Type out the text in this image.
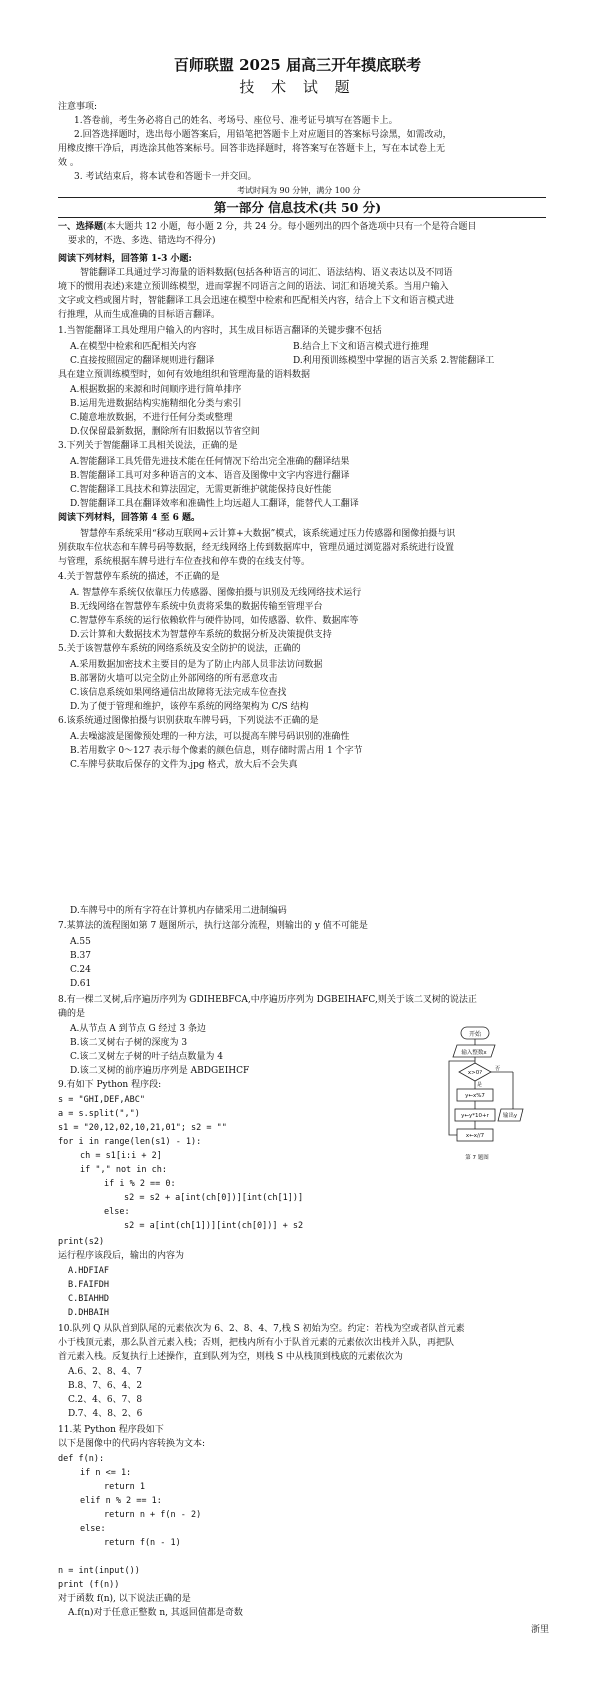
百师联盟 2025 届高三开年摸底联考
技 术 试 题
注意事项:
1.答卷前，考生务必将自己的姓名、考场号、座位号、准考证号填写在答题卡上。
2.回答选择题时，选出每小题答案后，用铅笔把答题卡上对应题目的答案标号涂黑，如需改动，
用橡皮擦干净后，再选涂其他答案标号。回答非选择题时，将答案写在答题卡上，写在本试卷上无
效 。
3. 考试结束后，将本试卷和答题卡一并交回。
考试时间为 90 分钟，满分 100 分
第一部分 信息技术(共 50 分)
一、选择题(本大题共 12 小题，每小题 2 分，共 24 分。每小题列出的四个备选项中只有一个是符合题目
要求的，不选、多选、错选均不得分)
阅读下列材料，回答第 1-3 小题:
智能翻译工具通过学习海量的语料数据(包括各种语言的词汇、语法结构、语义表达以及不同语
境下的惯用表述)来建立预训练模型，进而掌握不同语言之间的语法、词汇和语境关系。当用户输入
文字或文档或图片时，智能翻译工具会迅速在模型中检索和匹配相关内容，结合上下文和语言模式进
行推理，从而生成准确的目标语言翻译。
1.当智能翻译工具处理用户输入的内容时，其生成目标语言翻译的关键步骤不包括
A.在模型中检索和匹配相关内容	B.结合上下文和语言模式进行推理
C.直接按照固定的翻译规则进行翻译	D.利用预训练模型中掌握的语言关系 2.智能翻译工
具在建立预训练模型时，如何有效地组织和管理海量的语料数据
A.根据数据的来源和时间顺序进行简单排序
B.运用先进数据结构实施精细化分类与索引
C.随意堆放数据，不进行任何分类或整理
D.仅保留最新数据，删除所有旧数据以节省空间
3.下列关于智能翻译工具相关说法，正确的是
A.智能翻译工具凭借先进技术能在任何情况下给出完全准确的翻译结果
B.智能翻译工具可对多种语言的文本、语音及图像中文字内容进行翻译
C.智能翻译工具技术和算法固定，无需更新维护就能保持良好性能
D.智能翻译工具在翻译效率和准确性上均远超人工翻译，能替代人工翻译
阅读下列材料，回答第 4 至 6 题。
智慧停车系统采用“移动互联网+云计算+大数据”模式，该系统通过压力传感器和图像拍摄与识
别获取车位状态和车牌号码等数据，经无线网络上传到数据库中，管理员通过浏览器对系统进行设置
与管理，系统根据车牌号进行车位查找和停车费的在线支付等。
4.关于智慧停车系统的描述，不正确的是
A. 智慧停车系统仅依靠压力传感器、图像拍摄与识别及无线网络技术运行
B.无线网络在智慧停车系统中负责将采集的数据传输至管理平台
C.智慧停车系统的运行依赖软件与硬件协同，如传感器、软件、数据库等
D.云计算和大数据技术为智慧停车系统的数据分析及决策提供支持
5.关于该智慧停车系统的网络系统及安全防护的说法，正确的
A.采用数据加密技术主要目的是为了防止内部人员非法访问数据
B.部署防火墙可以完全防止外部网络的所有恶意攻击
C.该信息系统如果网络通信出故障将无法完成车位查找
D.为了便于管理和维护，该停车系统的网络架构为 C/S 结构
6.该系统通过图像拍摄与识别获取车牌号码，下列说法不正确的是
A.去噪滤波是图像预处理的一种方法，可以提高车牌号码识别的准确性
B.若用数字 0～127 表示每个像素的颜色信息，则存储时需占用 1 个字节
C.车牌号获取后保存的文件为.jpg 格式，放大后不会失真
D.车牌号中的所有字符在计算机内存储采用二进制编码
7.某算法的流程图如第 7 题图所示，执行这部分流程，则输出的 y 值不可能是
A.55
B.37
C.24
D.61
8.有一棵二叉树,后序遍历序列为 GDIHEBFCA,中序遍历序列为 DGBEIHAFC,则关于该二叉树的说法正
确的是
A.从节点 A 到节点 G 经过 3 条边
B.该二叉树右子树的深度为 3
C.该二叉树左子树的叶子结点数量为 4
D.该二叉树的前序遍历序列是 ABDGEIHCF
9.有如下 Python 程序段:
s = "GHI,DEF,ABC"
a = s.split(",")
s1 = "20,12,02,10,21,01"; s2 = ""
for i in range(len(s1) - 1):
ch = s1[i:i + 2]
if "," not in ch:
if i % 2 == 0:
s2 = s2 + a[int(ch[0])][int(ch[1])]
else:
s2 = a[int(ch[1])][int(ch[0])] + s2
print(s2)
运行程序该段后，输出的内容为
A.HDFIAF
B.FAIFDH
C.BIAHHD
D.DHBAIH
10.队列 Q 从队首到队尾的元素依次为 6、2、8、4、7,栈 S 初始为空。约定：若栈为空或者队首元素
小于栈顶元素，那么队首元素入栈；否则，把栈内所有小于队首元素的元素依次出栈并入队，再把队
首元素入栈。反复执行上述操作，直到队列为空，则栈 S 中从栈顶到栈底的元素依次为
A.6、2、8、4、7
B.8、7、6、4、2
C.2、4、6、7、8
D.7、4、8、2、6
11.某 Python 程序段如下
以下是图像中的代码内容转换为文本:
def f(n):
if n <= 1:
return 1
elif n % 2 == 1:
return n + f(n - 2)
else:
return f(n - 1)
n = int(input())
print (f(n))
对于函数 f(n), 以下说法正确的是
A.f(n)对于任意正整数 n, 其返回值都是奇数
开始
输入整数x
x>0?
否
是
y←x%7
y←y*10+r
x←x//7
输出y
第 7 题图
浙里
